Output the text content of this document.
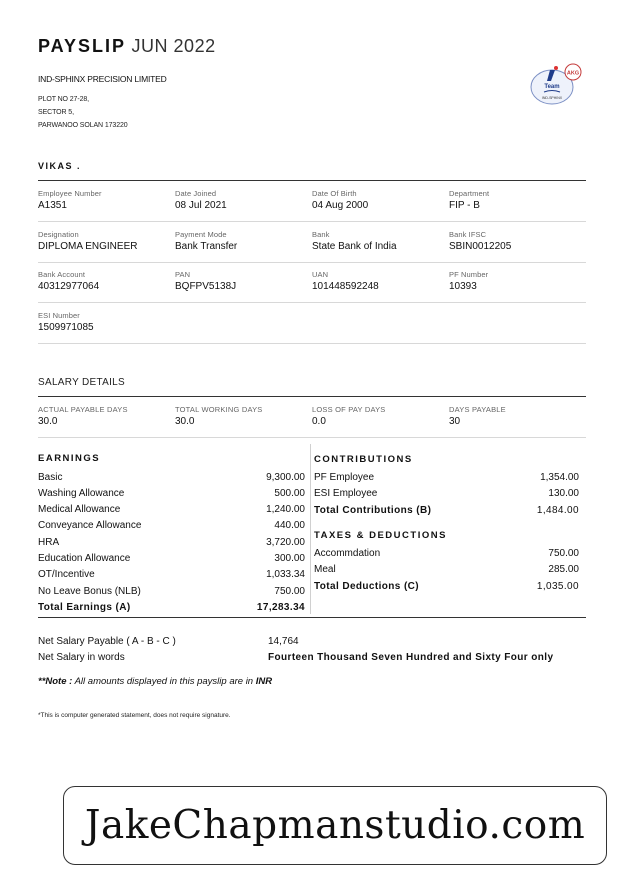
PAYSLIP JUN 2022
IND-SPHINX PRECISION LIMITED
PLOT NO 27-28,
SECTOR 5,
PARWANOO SOLAN 173220
AKG
Team
IND-SPHINX
VIKAS .
Employee Number
A1351
Date Joined
08 Jul 2021
Date Of Birth
04 Aug 2000
Department
FIP - B
Designation
DIPLOMA ENGINEER
Payment Mode
Bank Transfer
Bank
State Bank of India
Bank IFSC
SBIN0012205
Bank Account
40312977064
PAN
BQFPV5138J
UAN
101448592248
PF Number
10393
ESI Number
1509971085
SALARY DETAILS
ACTUAL PAYABLE DAYS
30.0
TOTAL WORKING DAYS
30.0
LOSS OF PAY DAYS
0.0
DAYS PAYABLE
30
EARNINGS
Basic	9,300.00
Washing Allowance	500.00
Medical Allowance	1,240.00
Conveyance Allowance	440.00
HRA	3,720.00
Education Allowance	300.00
OT/Incentive	1,033.34
No Leave Bonus (NLB)	750.00
Total Earnings (A)	17,283.34
CONTRIBUTIONS
PF Employee	1,354.00
ESI Employee	130.00
Total Contributions (B)	1,484.00
TAXES & DEDUCTIONS
Accommdation	750.00
Meal	285.00
Total Deductions (C)	1,035.00
Net Salary Payable ( A - B - C )	14,764
Net Salary in words	Fourteen Thousand Seven Hundred and Sixty Four only
**Note : All amounts displayed in this payslip are in INR
*This is computer generated statement, does not require signature.
JakeChapmanstudio.com
